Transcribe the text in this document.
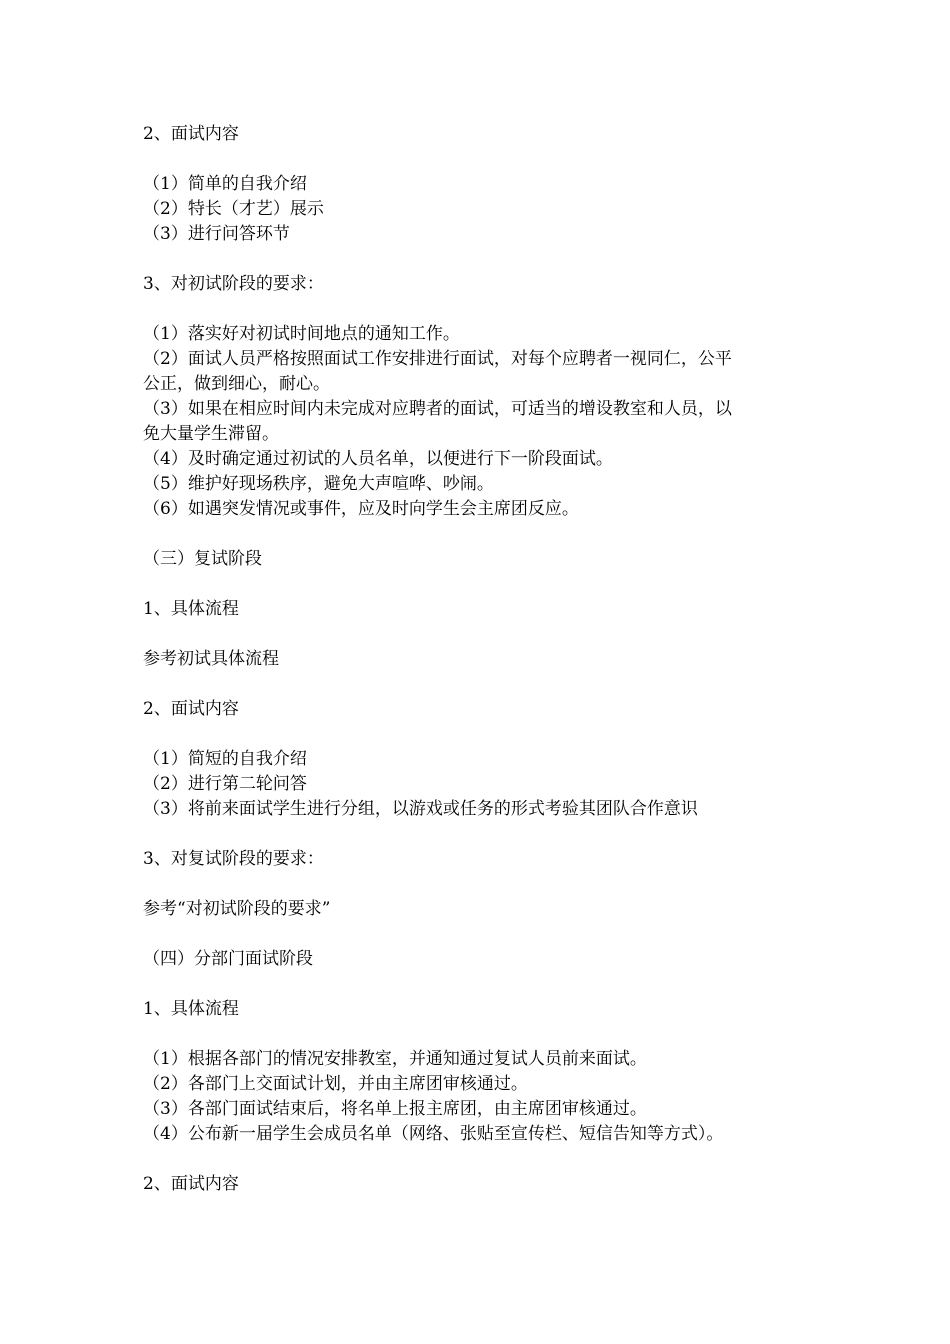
2、面试内容
（1）简单的自我介绍
（2）特长（才艺）展示
（3）进行问答环节
3、对初试阶段的要求：
（1）落实好对初试时间地点的通知工作。
（2）面试人员严格按照面试工作安排进行面试，对每个应聘者一视同仁，公平
公正，做到细心，耐心。
（3）如果在相应时间内未完成对应聘者的面试，可适当的增设教室和人员，以
免大量学生滞留。
（4）及时确定通过初试的人员名单，以便进行下一阶段面试。
（5）维护好现场秩序，避免大声喧哗、吵闹。
（6）如遇突发情况或事件，应及时向学生会主席团反应。
（三）复试阶段
1、具体流程
参考初试具体流程
2、面试内容
（1）简短的自我介绍
（2）进行第二轮问答
（3）将前来面试学生进行分组，以游戏或任务的形式考验其团队合作意识
3、对复试阶段的要求：
参考“对初试阶段的要求”
（四）分部门面试阶段
1、具体流程
（1）根据各部门的情况安排教室，并通知通过复试人员前来面试。
（2）各部门上交面试计划，并由主席团审核通过。
（3）各部门面试结束后，将名单上报主席团，由主席团审核通过。
（4）公布新一届学生会成员名单（网络、张贴至宣传栏、短信告知等方式）。
2、面试内容
